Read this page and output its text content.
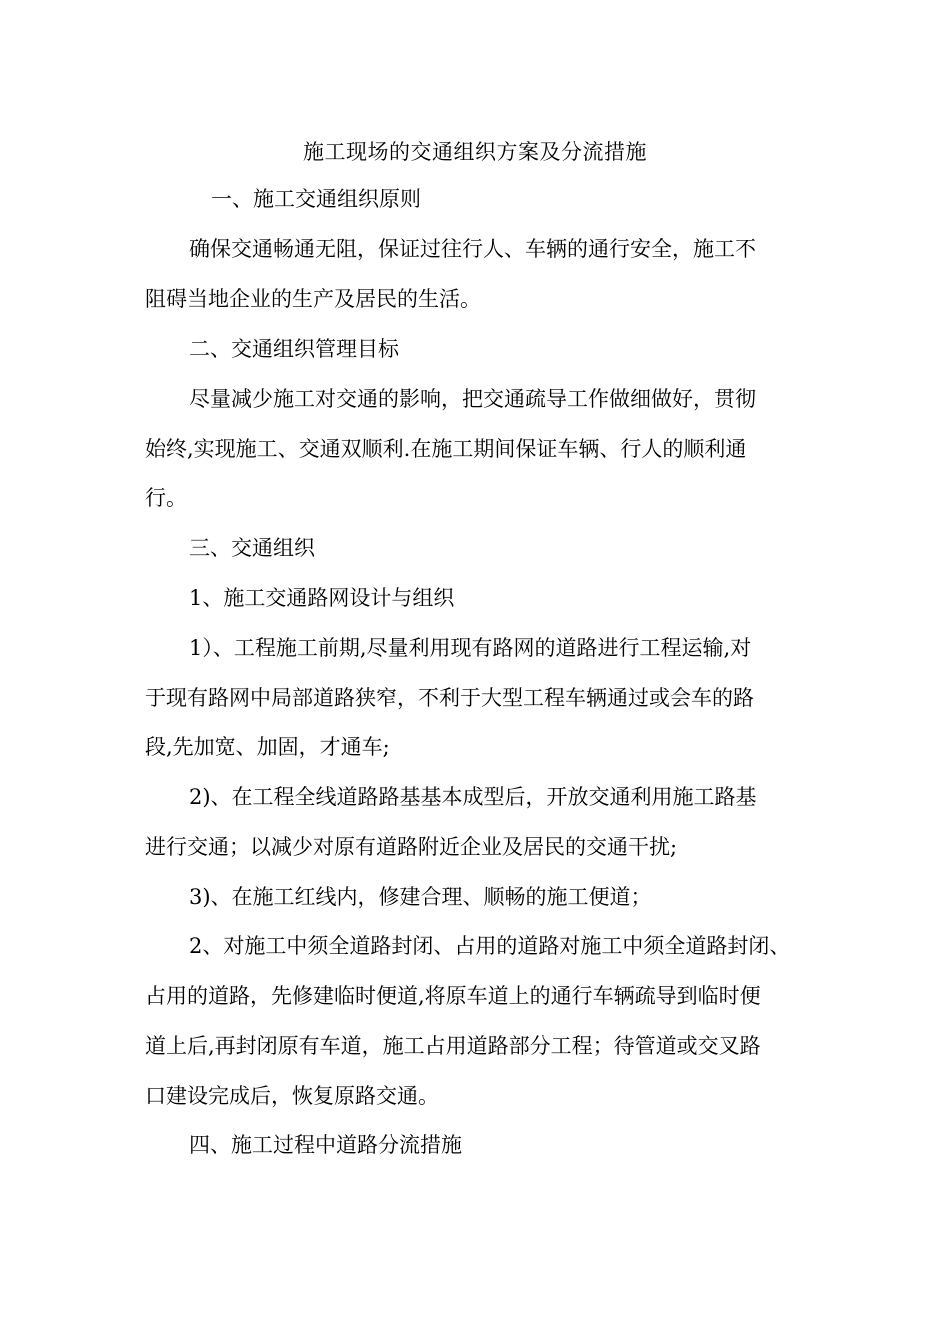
施工现场的交通组织方案及分流措施
一、施工交通组织原则
确保交通畅通无阻，保证过往行人、车辆的通行安全，施工不
阻碍当地企业的生产及居民的生活。
二、交通组织管理目标
尽量减少施工对交通的影响，把交通疏导工作做细做好，贯彻
始终,实现施工、交通双顺利.在施工期间保证车辆、行人的顺利通
行。
三、交通组织
1、施工交通路网设计与组织
1）、工程施工前期,尽量利用现有路网的道路进行工程运输,对
于现有路网中局部道路狭窄，不利于大型工程车辆通过或会车的路
段,先加宽、加固，才通车;
2)、在工程全线道路路基基本成型后，开放交通利用施工路基
进行交通；以减少对原有道路附近企业及居民的交通干扰;
3)、在施工红线内，修建合理、顺畅的施工便道；
2、对施工中须全道路封闭、占用的道路对施工中须全道路封闭、
占用的道路，先修建临时便道,将原车道上的通行车辆疏导到临时便
道上后,再封闭原有车道，施工占用道路部分工程；待管道或交叉路
口建设完成后，恢复原路交通。
四、施工过程中道路分流措施
